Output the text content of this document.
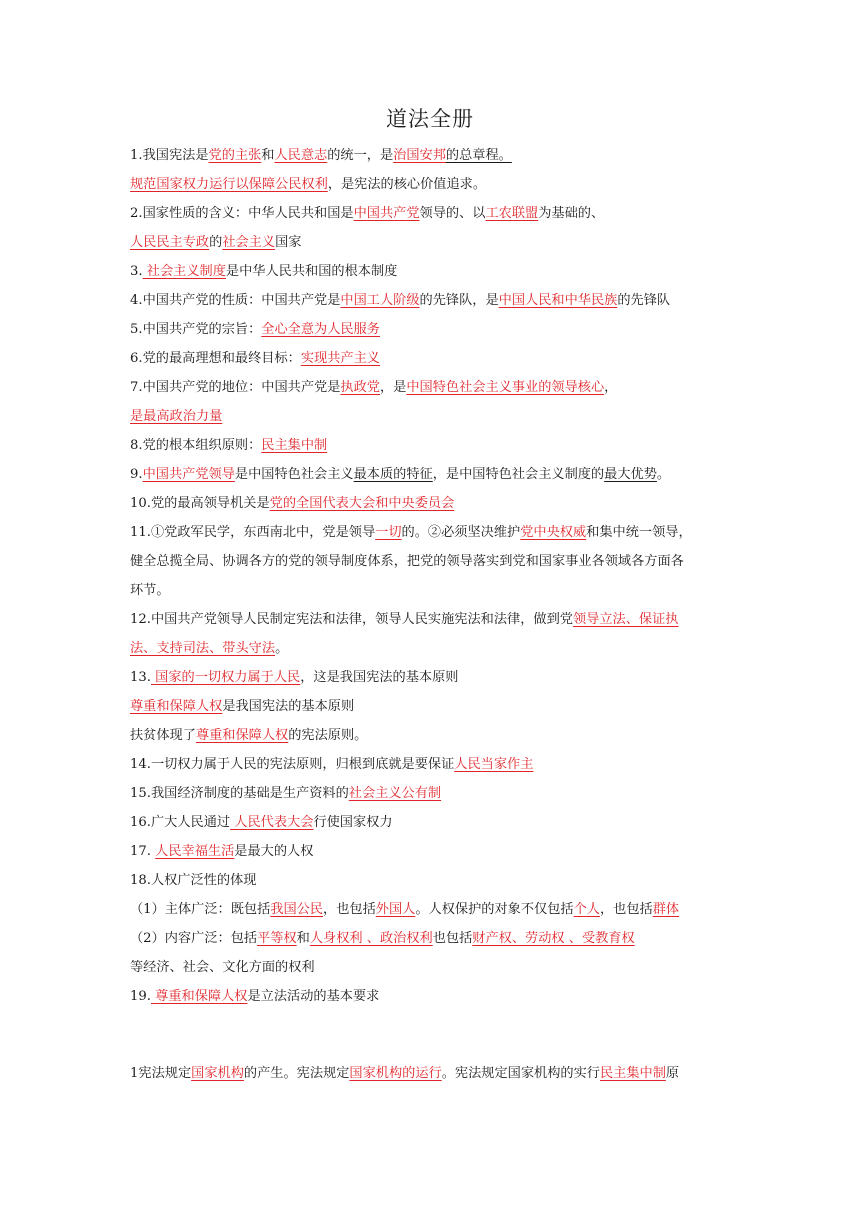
道法全册
1.我国宪法是党的主张和人民意志的统一，是治国安邦的总章程。
规范国家权力运行以保障公民权利，是宪法的核心价值追求。
2.国家性质的含义：中华人民共和国是中国共产党领导的、以工农联盟为基础的、
人民民主专政的社会主义国家
3. 社会主义制度是中华人民共和国的根本制度
4.中国共产党的性质：中国共产党是中国工人阶级的先锋队，是中国人民和中华民族的先锋队
5.中国共产党的宗旨：全心全意为人民服务
6.党的最高理想和最终目标：实现共产主义
7.中国共产党的地位：中国共产党是执政党，是中国特色社会主义事业的领导核心，
是最高政治力量
8.党的根本组织原则：民主集中制
9.中国共产党领导是中国特色社会主义最本质的特征，是中国特色社会主义制度的最大优势。
10.党的最高领导机关是党的全国代表大会和中央委员会
11.①党政军民学，东西南北中，党是领导一切的。②必须坚决维护党中央权威和集中统一领导，
健全总揽全局、协调各方的党的领导制度体系，把党的领导落实到党和国家事业各领域各方面各
环节。
12.中国共产党领导人民制定宪法和法律，领导人民实施宪法和法律，做到党领导立法、保证执
法、支持司法、带头守法。
13. 国家的一切权力属于人民，这是我国宪法的基本原则
尊重和保障人权是我国宪法的基本原则
扶贫体现了尊重和保障人权的宪法原则。
14.一切权力属于人民的宪法原则，归根到底就是要保证人民当家作主
15.我国经济制度的基础是生产资料的社会主义公有制
16.广大人民通过 人民代表大会行使国家权力
17. 人民幸福生活是最大的人权
18.人权广泛性的体现
（1）主体广泛：既包括我国公民，也包括外国人。人权保护的对象不仅包括个人，也包括群体
（2）内容广泛：包括平等权和人身权利 、政治权利也包括财产权、劳动权 、受教育权
等经济、社会、文化方面的权利
19. 尊重和保障人权是立法活动的基本要求
1宪法规定国家机构的产生。宪法规定国家机构的运行。宪法规定国家机构的实行民主集中制原
